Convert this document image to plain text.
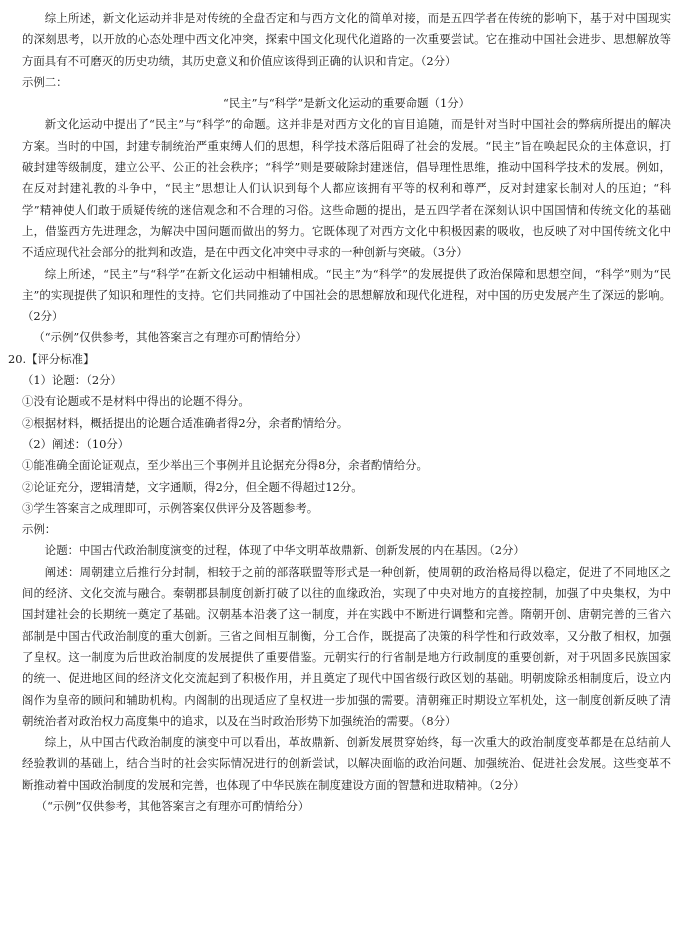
综上所述，新文化运动并非是对传统的全盘否定和与西方文化的简单对接，而是五四学者在传统的影响下，基于对中国现实的深刻思考，以开放的心态处理中西文化冲突，探索中国文化现代化道路的一次重要尝试。它在推动中国社会进步、思想解放等方面具有不可磨灭的历史功绩，其历史意义和价值应该得到正确的认识和肯定。（2分）

示例二：

“民主”与“科学”是新文化运动的重要命题（1分）

新文化运动中提出了“民主”与“科学”的命题。这并非是对西方文化的盲目追随，而是针对当时中国社会的弊病所提出的解决方案。当时的中国，封建专制统治严重束缚人们的思想，科学技术落后阻碍了社会的发展。“民主”旨在唤起民众的主体意识，打破封建等级制度，建立公平、公正的社会秩序；“科学”则是要破除封建迷信，倡导理性思维，推动中国科学技术的发展。例如，在反对封建礼教的斗争中，“民主”思想让人们认识到每个人都应该拥有平等的权利和尊严，反对封建家长制对人的压迫；“科学”精神使人们敢于质疑传统的迷信观念和不合理的习俗。这些命题的提出，是五四学者在深刻认识中国国情和传统文化的基础上，借鉴西方先进理念，为解决中国问题而做出的努力。它既体现了对西方文化中积极因素的吸收，也反映了对中国传统文化中不适应现代社会部分的批判和改造，是在中西文化冲突中寻求的一种创新与突破。（3分）

综上所述，“民主”与“科学”在新文化运动中相辅相成。“民主”为“科学”的发展提供了政治保障和思想空间，“科学”则为“民主”的实现提供了知识和理性的支持。它们共同推动了中国社会的思想解放和现代化进程，对中国的历史发展产生了深远的影响。（2分）

（“示例”仅供参考，其他答案言之有理亦可酌情给分）

20.【评分标准】

（1）论题：（2分）

①没有论题或不是材料中得出的论题不得分。

②根据材料，概括提出的论题合适准确者得2分，余者酌情给分。

（2）阐述：（10分）

①能准确全面论证观点，至少举出三个事例并且论据充分得8分，余者酌情给分。

②论证充分，逻辑清楚，文字通顺，得2分，但全题不得超过12分。

③学生答案言之成理即可，示例答案仅供评分及答题参考。

示例：

论题：中国古代政治制度演变的过程，体现了中华文明革故鼎新、创新发展的内在基因。（2分）

阐述：周朝建立后推行分封制，相较于之前的部落联盟等形式是一种创新，使周朝的政治格局得以稳定，促进了不同地区之间的经济、文化交流与融合。秦朝郡县制度创新打破了以往的血缘政治，实现了中央对地方的直接控制，加强了中央集权，为中国封建社会的长期统一奠定了基础。汉朝基本沿袭了这一制度，并在实践中不断进行调整和完善。隋朝开创、唐朝完善的三省六部制是中国古代政治制度的重大创新。三省之间相互制衡，分工合作，既提高了决策的科学性和行政效率，又分散了相权，加强了皇权。这一制度为后世政治制度的发展提供了重要借鉴。元朝实行的行省制是地方行政制度的重要创新，对于巩固多民族国家的统一、促进地区间的经济文化交流起到了积极作用，并且奠定了现代中国省级行政区划的基础。明朝废除丞相制度后，设立内阁作为皇帝的顾问和辅助机构。内阁制的出现适应了皇权进一步加强的需要。清朝雍正时期设立军机处，这一制度创新反映了清朝统治者对政治权力高度集中的追求，以及在当时政治形势下加强统治的需要。（8分）

综上，从中国古代政治制度的演变中可以看出，革故鼎新、创新发展贯穿始终，每一次重大的政治制度变革都是在总结前人经验教训的基础上，结合当时的社会实际情况进行的创新尝试，以解决面临的政治问题、加强统治、促进社会发展。这些变革不断推动着中国政治制度的发展和完善，也体现了中华民族在制度建设方面的智慧和进取精神。（2分）

（“示例”仅供参考，其他答案言之有理亦可酌情给分）
